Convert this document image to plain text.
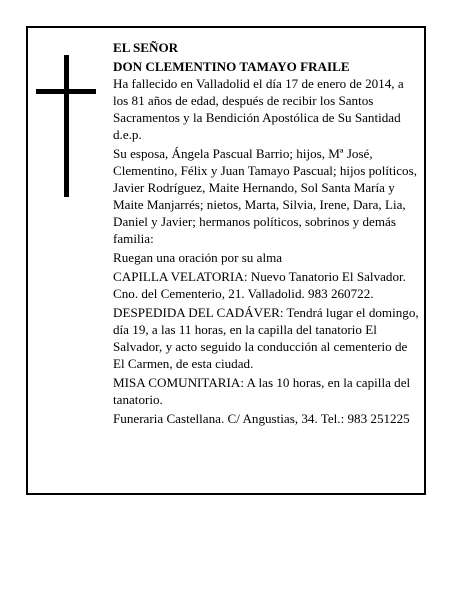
EL SEÑOR

DON CLEMENTINO TAMAYO FRAILE

Ha fallecido en Valladolid el día 17 de enero de 2014, a los 81 años de edad, después de recibir los Santos Sacramentos y la Bendición Apostólica de Su Santidad d.e.p.

Su esposa, Ángela Pascual Barrio; hijos, Mª José, Clementino, Félix y Juan Tamayo Pascual; hijos políticos, Javier Rodríguez, Maite Hernando, Sol Santa María y Maite Manjarrés; nietos, Marta, Silvia, Irene, Dara, Lia, Daniel y Javier; hermanos políticos, sobrinos y demás familia:

Ruegan una oración por su alma

CAPILLA VELATORIA: Nuevo Tanatorio El Salvador. Cno. del Cementerio, 21. Valladolid. 983 260722.

DESPEDIDA DEL CADÁVER: Tendrá lugar el domingo, día 19, a las 11 horas, en la capilla del tanatorio El Salvador, y acto seguido la conducción al cementerio de El Carmen, de esta ciudad.

MISA COMUNITARIA: A las 10 horas, en la capilla del tanatorio.

Funeraria Castellana. C/ Angustias, 34. Tel.: 983 251225
